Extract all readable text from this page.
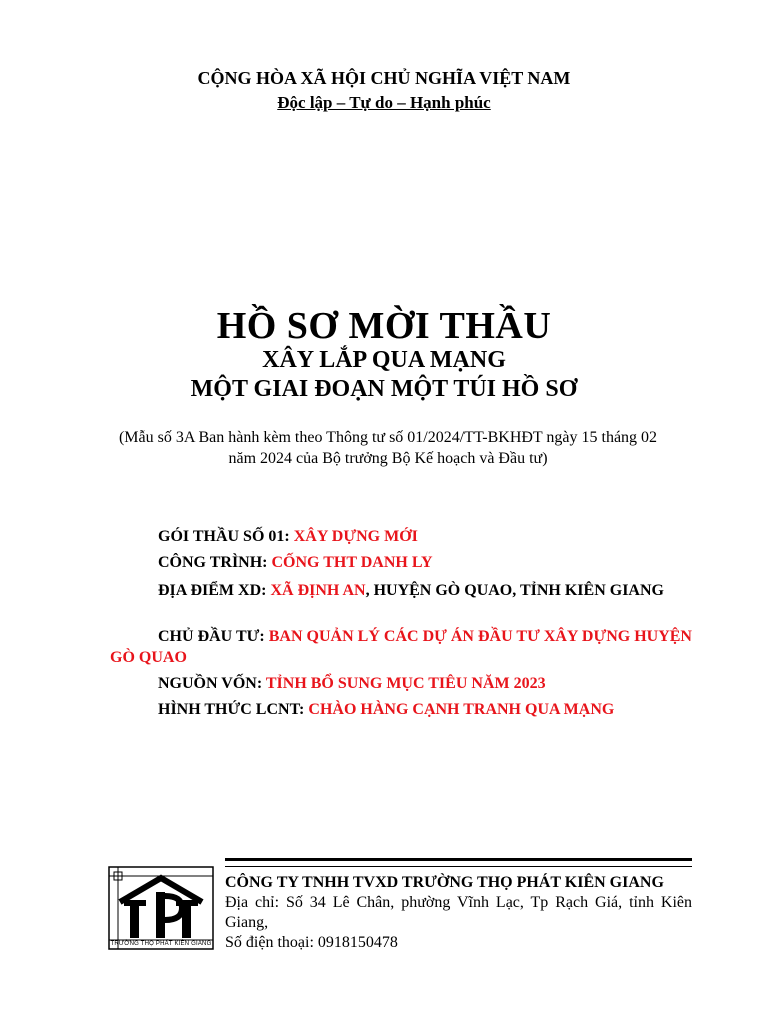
CỘNG HÒA XÃ HỘI CHỦ NGHĨA VIỆT NAM
Độc lập – Tự do – Hạnh phúc
HỒ SƠ MỜI THẦU
XÂY LẮP QUA MẠNG
MỘT GIAI ĐOẠN MỘT TÚI HỒ SƠ
(Mẫu số 3A Ban hành kèm theo Thông tư số 01/2024/TT-BKHĐT ngày 15 tháng 02 năm 2024 của Bộ trưởng Bộ Kế hoạch và Đầu tư)
GÓI THẦU SỐ 01: XÂY DỰNG MỚI
CÔNG TRÌNH: CỐNG THT DANH LY
ĐỊA ĐIỂM XD: XÃ ĐỊNH AN, HUYỆN GÒ QUAO, TỈNH KIÊN GIANG
CHỦ ĐẦU TƯ: BAN QUẢN LÝ CÁC DỰ ÁN ĐẦU TƯ XÂY DỰNG HUYỆN GÒ QUAO
NGUỒN VỐN: TỈNH BỔ SUNG MỤC TIÊU NĂM 2023
HÌNH THỨC LCNT: CHÀO HÀNG CẠNH TRANH QUA MẠNG
TRƯỜNG THỌ PHÁT KIÊN GIANG
CÔNG TY TNHH TVXD TRƯỜNG THỌ PHÁT KIÊN GIANG
Địa chỉ: Số 34 Lê Chân, phường Vĩnh Lạc, Tp Rạch Giá, tỉnh Kiên Giang,
Số điện thoại: 0918150478
